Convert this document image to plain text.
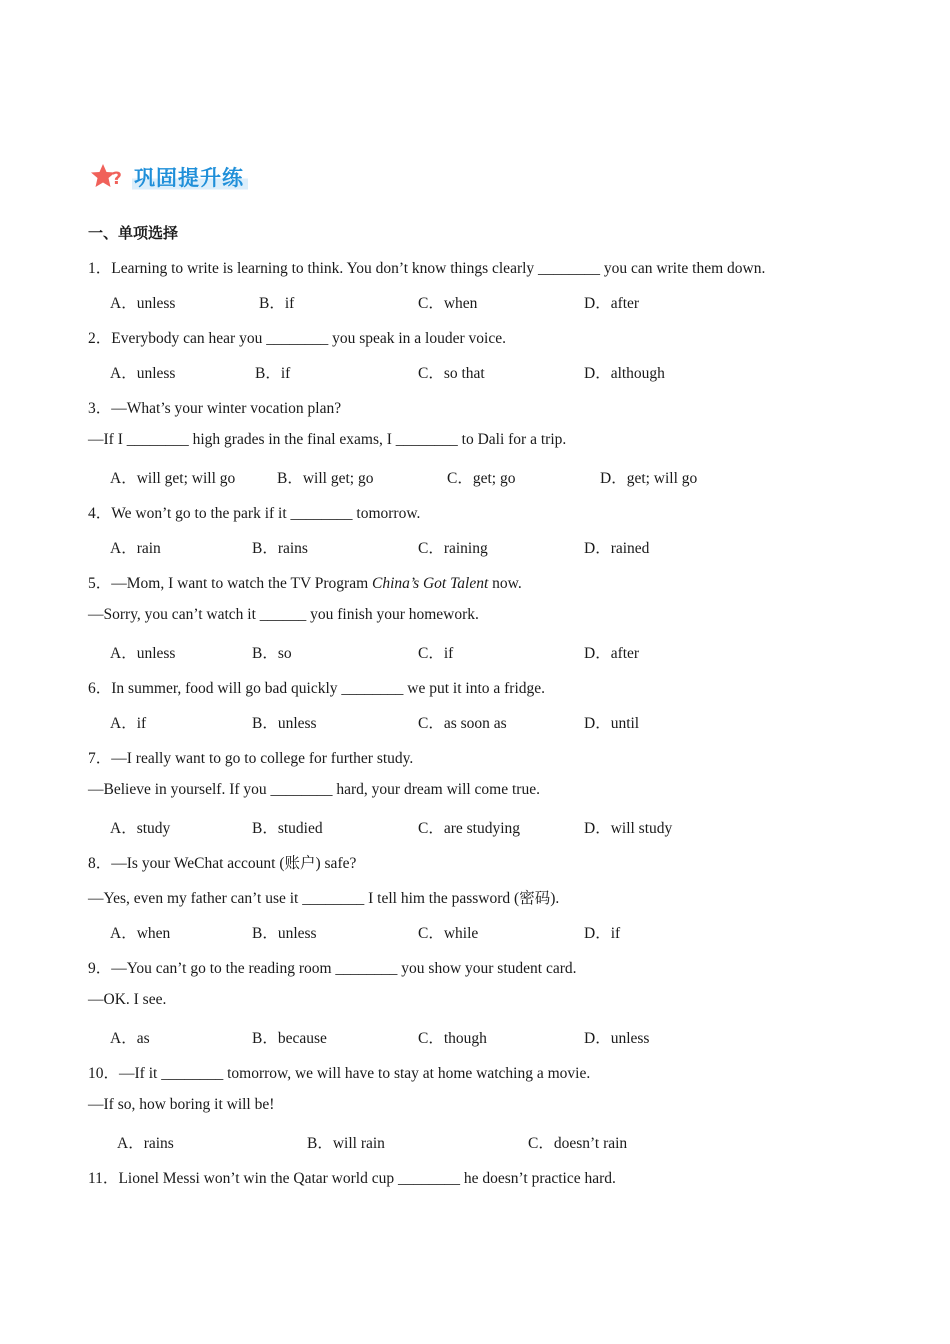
? 巩固提升练
一、单项选择
1．Learning to write is learning to think. You don’t know things clearly ________ you can write them down.
A．unless	B．if	C．when	D．after
2．Everybody can hear you ________ you speak in a louder voice.
A．unless	B．if	C．so that	D．although
3．—What’s your winter vocation plan?
—If I ________ high grades in the final exams, I ________ to Dali for a trip.
A．will get; will go	B．will get; go	C．get; go	D．get; will go
4．We won’t go to the park if it ________ tomorrow.
A．rain	B．rains	C．raining	D．rained
5．—Mom, I want to watch the TV Program China’s Got Talent now.
—Sorry, you can’t watch it ______ you finish your homework.
A．unless	B．so	C．if	D．after
6．In summer, food will go bad quickly ________ we put it into a fridge.
A．if	B．unless	C．as soon as	D．until
7．—I really want to go to college for further study.
—Believe in yourself. If you ________ hard, your dream will come true.
A．study	B．studied	C．are studying	D．will study
8．—Is your WeChat account (账户) safe?
—Yes, even my father can’t use it ________ I tell him the password (密码).
A．when	B．unless	C．while	D．if
9．—You can’t go to the reading room ________ you show your student card.
—OK. I see.
A．as	B．because	C．though	D．unless
10．—If it ________ tomorrow, we will have to stay at home watching a movie.
—If so, how boring it will be!
A．rains	B．will rain	C．doesn’t rain
11．Lionel Messi won’t win the Qatar world cup ________ he doesn’t practice hard.
